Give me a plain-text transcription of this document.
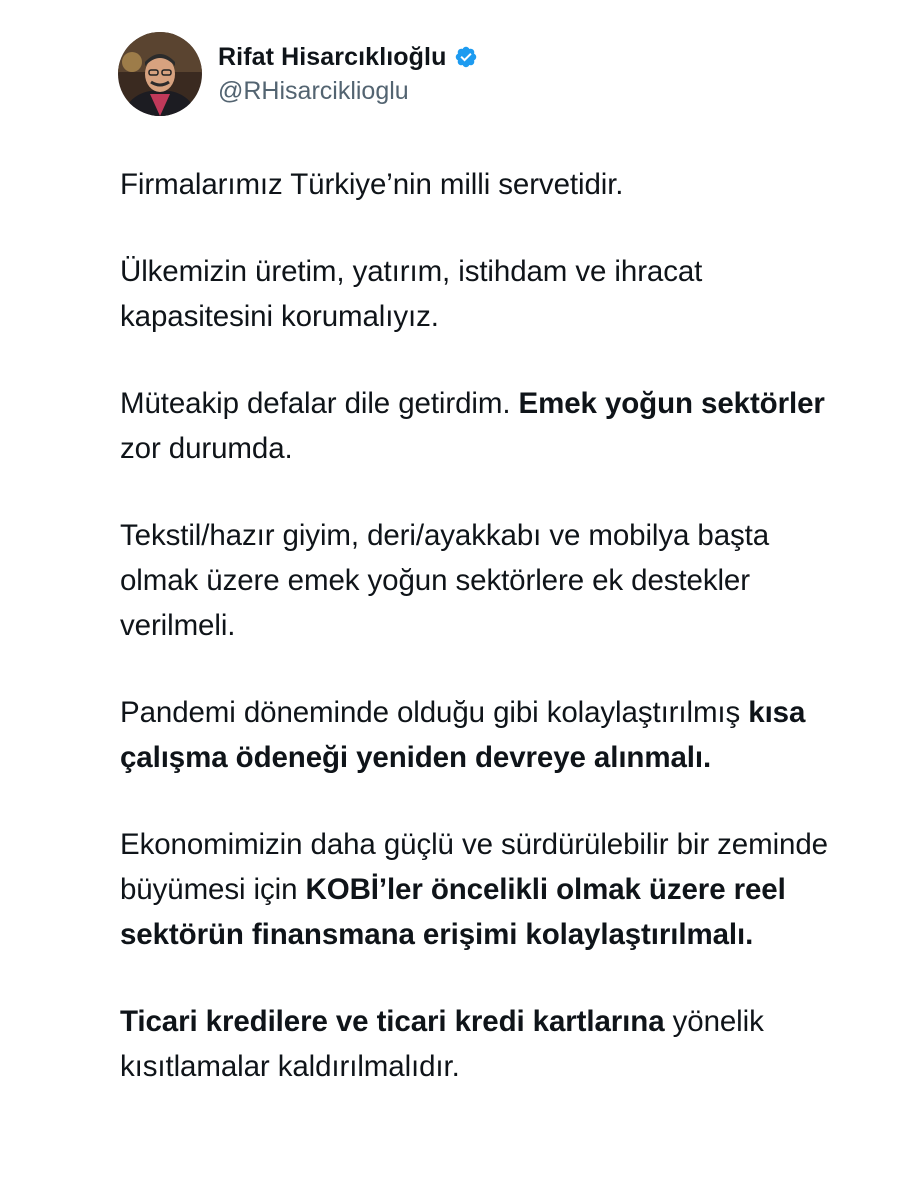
Rifat Hisarcıklıoğlu
@RHisarciklioglu

Firmalarımız Türkiye’nin milli servetidir.

Ülkemizin üretim, yatırım, istihdam ve ihracat kapasitesini korumalıyız.

Müteakip defalar dile getirdim. Emek yoğun sektörler zor durumda.

Tekstil/hazır giyim, deri/ayakkabı ve mobilya başta olmak üzere emek yoğun sektörlere ek destekler verilmeli.

Pandemi döneminde olduğu gibi kolaylaştırılmış kısa çalışma ödeneği yeniden devreye alınmalı.

Ekonomimizin daha güçlü ve sürdürülebilir bir zeminde büyümesi için KOBİ’ler öncelikli olmak üzere reel sektörün finansmana erişimi kolaylaştırılmalı.

Ticari kredilere ve ticari kredi kartlarına yönelik kısıtlamalar kaldırılmalıdır.
